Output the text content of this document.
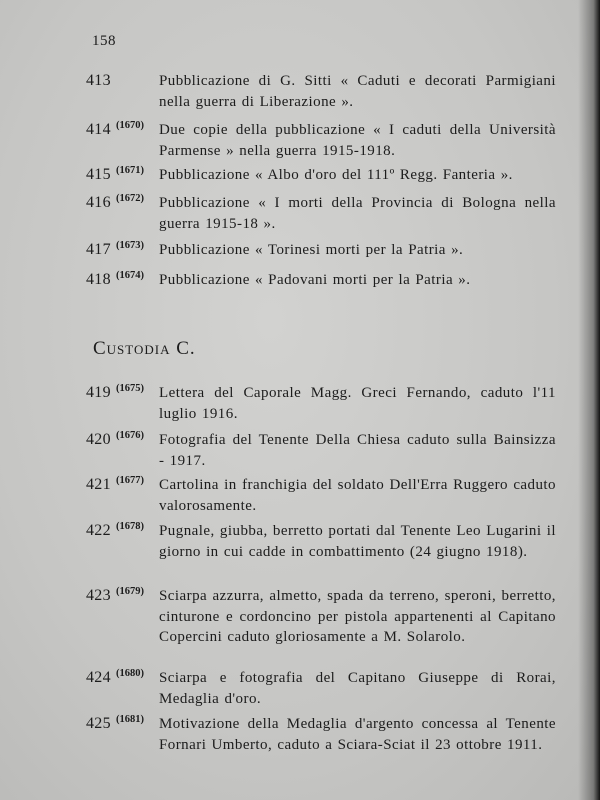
158
413	Pubblicazione di G. Sitti « Caduti e decorati Parmigiani nella guerra di Liberazione ».
414 (1670) Due copie della pubblicazione « I caduti della Università Parmense » nella guerra 1915-1918.
415 (1671) Pubblicazione « Albo d'oro del 111º Regg. Fanteria ».
416 (1672) Pubblicazione « I morti della Provincia di Bologna nella guerra 1915-18 ».
417 (1673) Pubblicazione « Torinesi morti per la Patria ».
418 (1674) Pubblicazione « Padovani morti per la Patria ».
Custodia C.
419 (1675) Lettera del Caporale Magg. Greci Fernando, caduto l'11 luglio 1916.
420 (1676) Fotografia del Tenente Della Chiesa caduto sulla Bainsizza - 1917.
421 (1677) Cartolina in franchigia del soldato Dell'Erra Ruggero caduto valorosamente.
422 (1678) Pugnale, giubba, berretto portati dal Tenente Leo Lugarini il giorno in cui cadde in combattimento (24 giugno 1918).
423 (1679) Sciarpa azzurra, almetto, spada da terreno, speroni, berretto, cinturone e cordoncino per pistola appartenenti al Capitano Copercini caduto gloriosamente a M. Solarolo.
424 (1680) Sciarpa e fotografia del Capitano Giuseppe di Rorai, Medaglia d'oro.
425 (1681) Motivazione della Medaglia d'argento concessa al Tenente Fornari Umberto, caduto a Sciara-Sciat il 23 ottobre 1911.
